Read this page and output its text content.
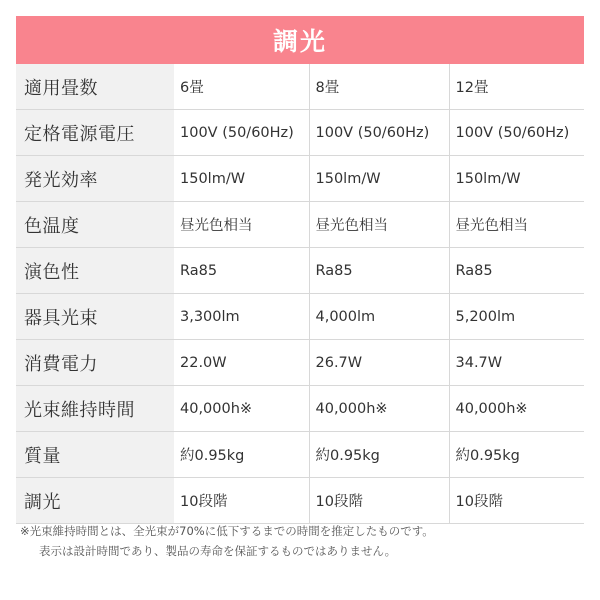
調光
適用畳数	6畳	8畳	12畳
定格電源電圧	100V (50/60Hz)	100V (50/60Hz)	100V (50/60Hz)
発光効率	150lm/W	150lm/W	150lm/W
色温度	昼光色相当	昼光色相当	昼光色相当
演色性	Ra85	Ra85	Ra85
器具光束	3,300lm	4,000lm	5,200lm
消費電力	22.0W	26.7W	34.7W
光束維持時間	40,000h※	40,000h※	40,000h※
質量	約0.95kg	約0.95kg	約0.95kg
調光	10段階	10段階	10段階
※光束維持時間とは、全光束が70%に低下するまでの時間を推定したものです。
表示は設計時間であり、製品の寿命を保証するものではありません。
